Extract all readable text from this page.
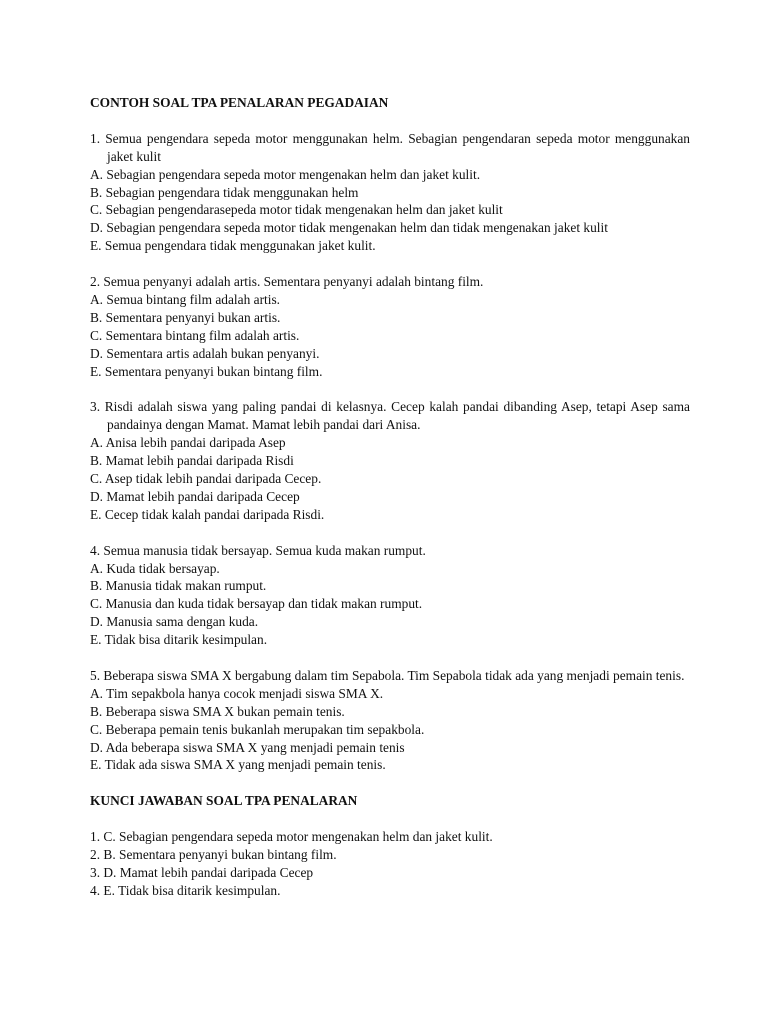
CONTOH SOAL TPA PENALARAN PEGADAIAN

1. Semua pengendara sepeda motor menggunakan helm. Sebagian pengendaran sepeda motor menggunakan jaket kulit
A. Sebagian pengendara sepeda motor mengenakan helm dan jaket kulit.
B. Sebagian pengendara tidak menggunakan helm
C. Sebagian pengendarasepeda motor tidak mengenakan helm dan jaket kulit
D. Sebagian pengendara sepeda motor tidak mengenakan helm dan tidak mengenakan jaket kulit
E. Semua pengendara tidak menggunakan jaket kulit.
2. Semua penyanyi adalah artis. Sementara penyanyi adalah bintang film.
A. Semua bintang film adalah artis.
B. Sementara penyanyi bukan artis.
C. Sementara bintang film adalah artis.
D. Sementara artis adalah bukan penyanyi.
E. Sementara penyanyi bukan bintang film.
3. Risdi adalah siswa yang paling pandai di kelasnya. Cecep kalah pandai dibanding Asep, tetapi Asep sama pandainya dengan Mamat. Mamat lebih pandai dari Anisa.
A. Anisa lebih pandai daripada Asep
B. Mamat lebih pandai daripada Risdi
C. Asep tidak lebih pandai daripada Cecep.
D. Mamat lebih pandai daripada Cecep
E. Cecep tidak kalah pandai daripada Risdi.
4. Semua manusia tidak bersayap. Semua kuda makan rumput.
A. Kuda tidak bersayap.
B. Manusia tidak makan rumput.
C. Manusia dan kuda tidak bersayap dan tidak makan rumput.
D. Manusia sama dengan kuda.
E. Tidak bisa ditarik kesimpulan.
5. Beberapa siswa SMA X bergabung dalam tim Sepabola. Tim Sepabola tidak ada yang menjadi pemain tenis.
A. Tim sepakbola hanya cocok menjadi siswa SMA X.
B. Beberapa siswa SMA X bukan pemain tenis.
C. Beberapa pemain tenis bukanlah merupakan tim sepakbola.
D. Ada beberapa siswa SMA X yang menjadi pemain tenis
E. Tidak ada siswa SMA X yang menjadi pemain tenis.

KUNCI JAWABAN SOAL TPA PENALARAN

1. C. Sebagian pengendara sepeda motor mengenakan helm dan jaket kulit.
2. B. Sementara penyanyi bukan bintang film.
3. D. Mamat lebih pandai daripada Cecep
4. E. Tidak bisa ditarik kesimpulan.
